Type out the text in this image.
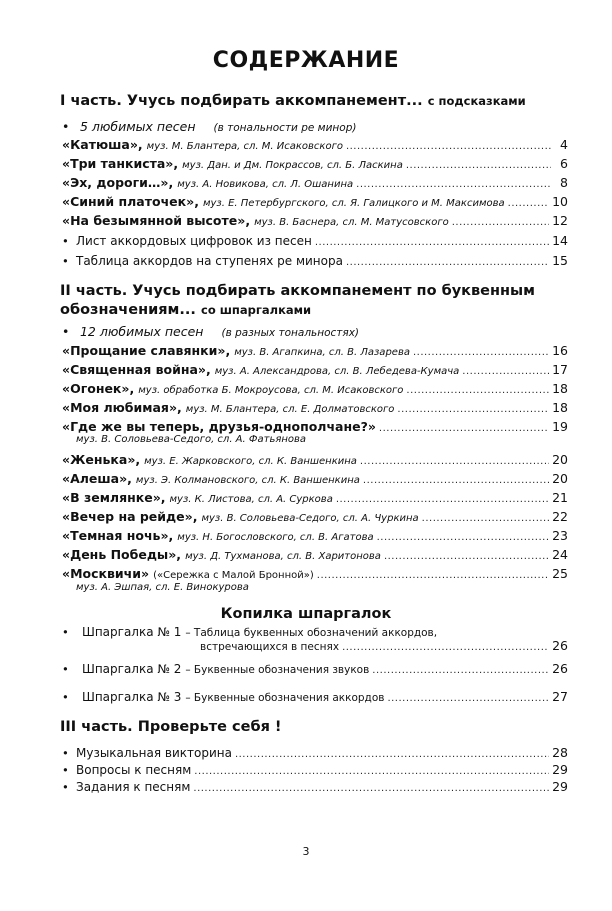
СОДЕРЖАНИЕ
I часть. Учусь подбирать аккомпанемент... с подсказками
• 5 любимых песен (в тональности ре минор)
«Катюша», муз. М. Блантера, сл. М. Исаковского .....	4
«Три танкиста», муз. Дан. и Дм. Покрассов, сл. Б. Ласкина .....	6
«Эх, дороги…», муз. А. Новикова, сл. Л. Ошанина .....	8
«Синий платочек», муз. Е. Петербургского, сл. Я. Галицкого и М. Максимова .....	10
«На безымянной высоте», муз. В. Баснера, сл. М. Матусовского .....	12
• Лист аккордовых цифровок из песен .....	14
• Таблица аккордов на ступенях ре минора .....	15
II часть. Учусь подбирать аккомпанемент по буквенным
обозначениям... со шпаргалками
• 12 любимых песен (в разных тональностях)
«Прощание славянки», муз. В. Агапкина, сл. В. Лазарева .....	16
«Священная война», муз. А. Александрова, сл. В. Лебедева-Кумача .....	17
«Огонек», муз. обработка Б. Мокроусова, сл. М. Исаковского .....	18
«Моя любимая», муз. М. Блантера, сл. Е. Долматовского .....	18
«Где же вы теперь, друзья-однополчане?» .....	19
муз. В. Соловьева-Седого, сл. А. Фатьянова
«Женька», муз. Е. Жарковского, сл. К. Ваншенкина .....	20
«Алеша», муз. Э. Колмановского, сл. К. Ваншенкина .....	20
«В землянке», муз. К. Листова, сл. А. Суркова .....	21
«Вечер на рейде», муз. В. Соловьева-Седого, сл. А. Чуркина .....	22
«Темная ночь», муз. Н. Богословского, сл. В. Агатова .....	23
«День Победы», муз. Д. Тухманова, сл. В. Харитонова .....	24
«Москвичи» («Сережка с Малой Бронной») .....	25
муз. А. Эшпая, сл. Е. Винокурова
Копилка шпаргалок
•	Шпаргалка № 1 – Таблица буквенных обозначений аккордов,
встречающихся в песнях .....	26
•	Шпаргалка № 2 – Буквенные обозначения звуков .....	26
•	Шпаргалка № 3 – Буквенные обозначения аккордов .....	27
III часть. Проверьте себя !
• Музыкальная викторина .....	28
• Вопросы к песням .....	29
• Задания к песням .....	29
3
